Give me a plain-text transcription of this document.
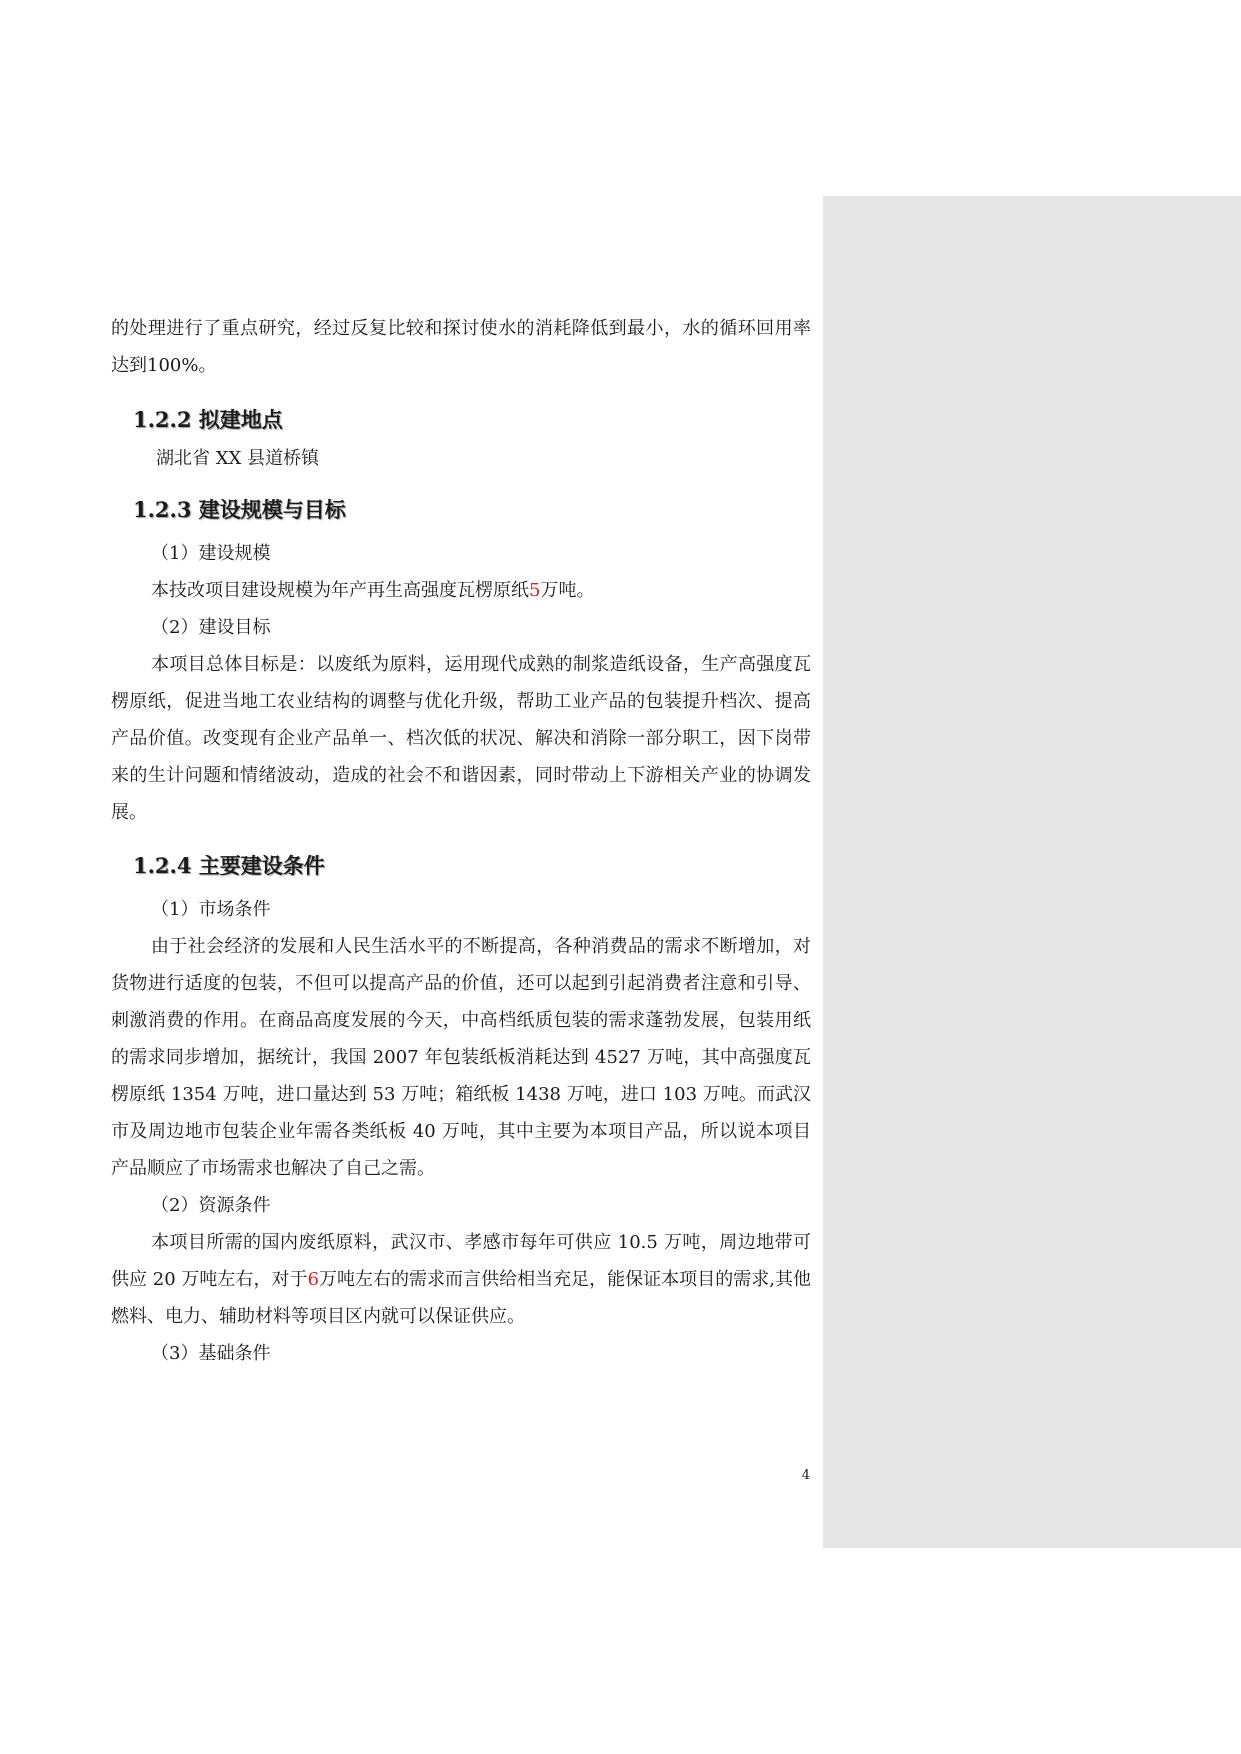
的处理进行了重点研究，经过反复比较和探讨使水的消耗降低到最小，水的循环回用率达到100%。

1.2.2 拟建地点

湖北省 XX 县道桥镇

1.2.3 建设规模与目标

（1）建设规模

本技改项目建设规模为年产再生高强度瓦楞原纸5万吨。

（2）建设目标

本项目总体目标是：以废纸为原料，运用现代成熟的制浆造纸设备，生产高强度瓦楞原纸，促进当地工农业结构的调整与优化升级，帮助工业产品的包装提升档次、提高产品价值。改变现有企业产品单一、档次低的状况、解决和消除一部分职工，因下岗带来的生计问题和情绪波动，造成的社会不和谐因素，同时带动上下游相关产业的协调发展。

1.2.4 主要建设条件

（1）市场条件

由于社会经济的发展和人民生活水平的不断提高，各种消费品的需求不断增加，对货物进行适度的包装，不但可以提高产品的价值，还可以起到引起消费者注意和引导、刺激消费的作用。在商品高度发展的今天，中高档纸质包装的需求蓬勃发展，包装用纸的需求同步增加，据统计，我国 2007 年包装纸板消耗达到 4527 万吨，其中高强度瓦楞原纸 1354 万吨，进口量达到 53 万吨；箱纸板 1438 万吨，进口 103 万吨。而武汉市及周边地市包装企业年需各类纸板 40 万吨，其中主要为本项目产品，所以说本项目产品顺应了市场需求也解决了自己之需。

（2）资源条件

本项目所需的国内废纸原料，武汉市、孝感市每年可供应 10.5 万吨，周边地带可供应 20 万吨左右，对于6万吨左右的需求而言供给相当充足，能保证本项目的需求,其他燃料、电力、辅助材料等项目区内就可以保证供应。

（3）基础条件

4
